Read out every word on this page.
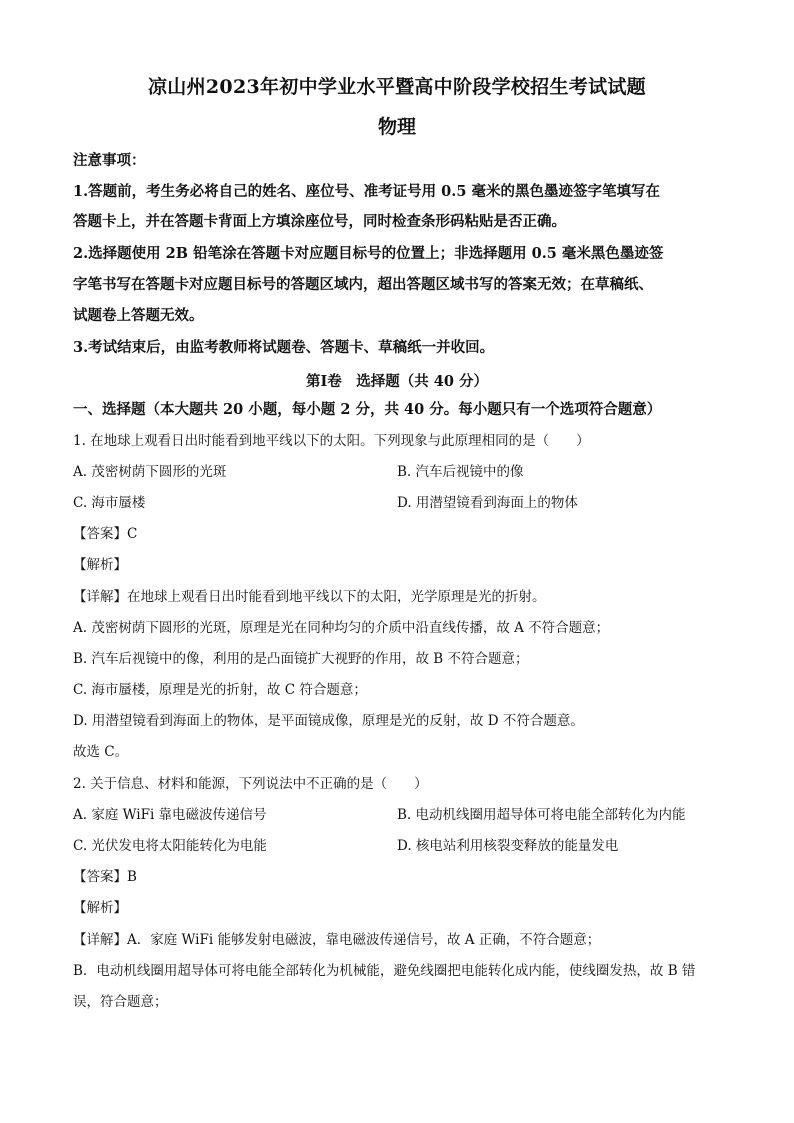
凉山州2023年初中学业水平暨高中阶段学校招生考试试题
物理
注意事项：
1.答题前，考生务必将自己的姓名、座位号、准考证号用 0.5 毫米的黑色墨迹签字笔填写在
答题卡上，并在答题卡背面上方填涂座位号，同时检查条形码粘贴是否正确。
2.选择题使用 2B 铅笔涂在答题卡对应题目标号的位置上；非选择题用 0.5 毫米黑色墨迹签
字笔书写在答题卡对应题目标号的答题区域内，超出答题区域书写的答案无效；在草稿纸、
试题卷上答题无效。
3.考试结束后，由监考教师将试题卷、答题卡、草稿纸一并收回。
第Ⅰ卷　选择题（共 40 分）
一、选择题（本大题共 20 小题，每小题 2 分，共 40 分。每小题只有一个选项符合题意）
1. 在地球上观看日出时能看到地平线以下的太阳。下列现象与此原理相同的是（　　）
A. 茂密树荫下圆形的光斑	B. 汽车后视镜中的像
C. 海市蜃楼	D. 用潜望镜看到海面上的物体
【答案】C
【解析】
【详解】在地球上观看日出时能看到地平线以下的太阳，光学原理是光的折射。
A. 茂密树荫下圆形的光斑，原理是光在同种均匀的介质中沿直线传播，故 A 不符合题意；
B. 汽车后视镜中的像，利用的是凸面镜扩大视野的作用，故 B 不符合题意；
C. 海市蜃楼，原理是光的折射，故 C 符合题意；
D. 用潜望镜看到海面上的物体，是平面镜成像，原理是光的反射，故 D 不符合题意。
故选 C。
2. 关于信息、材料和能源，下列说法中不正确的是（　　）
A. 家庭 WiFi 靠电磁波传递信号	B. 电动机线圈用超导体可将电能全部转化为内能
C. 光伏发电将太阳能转化为电能	D. 核电站利用核裂变释放的能量发电
【答案】B
【解析】
【详解】A．家庭 WiFi 能够发射电磁波，靠电磁波传递信号，故 A 正确，不符合题意；
B．电动机线圈用超导体可将电能全部转化为机械能，避免线圈把电能转化成内能，使线圈发热，故 B 错
误，符合题意；
